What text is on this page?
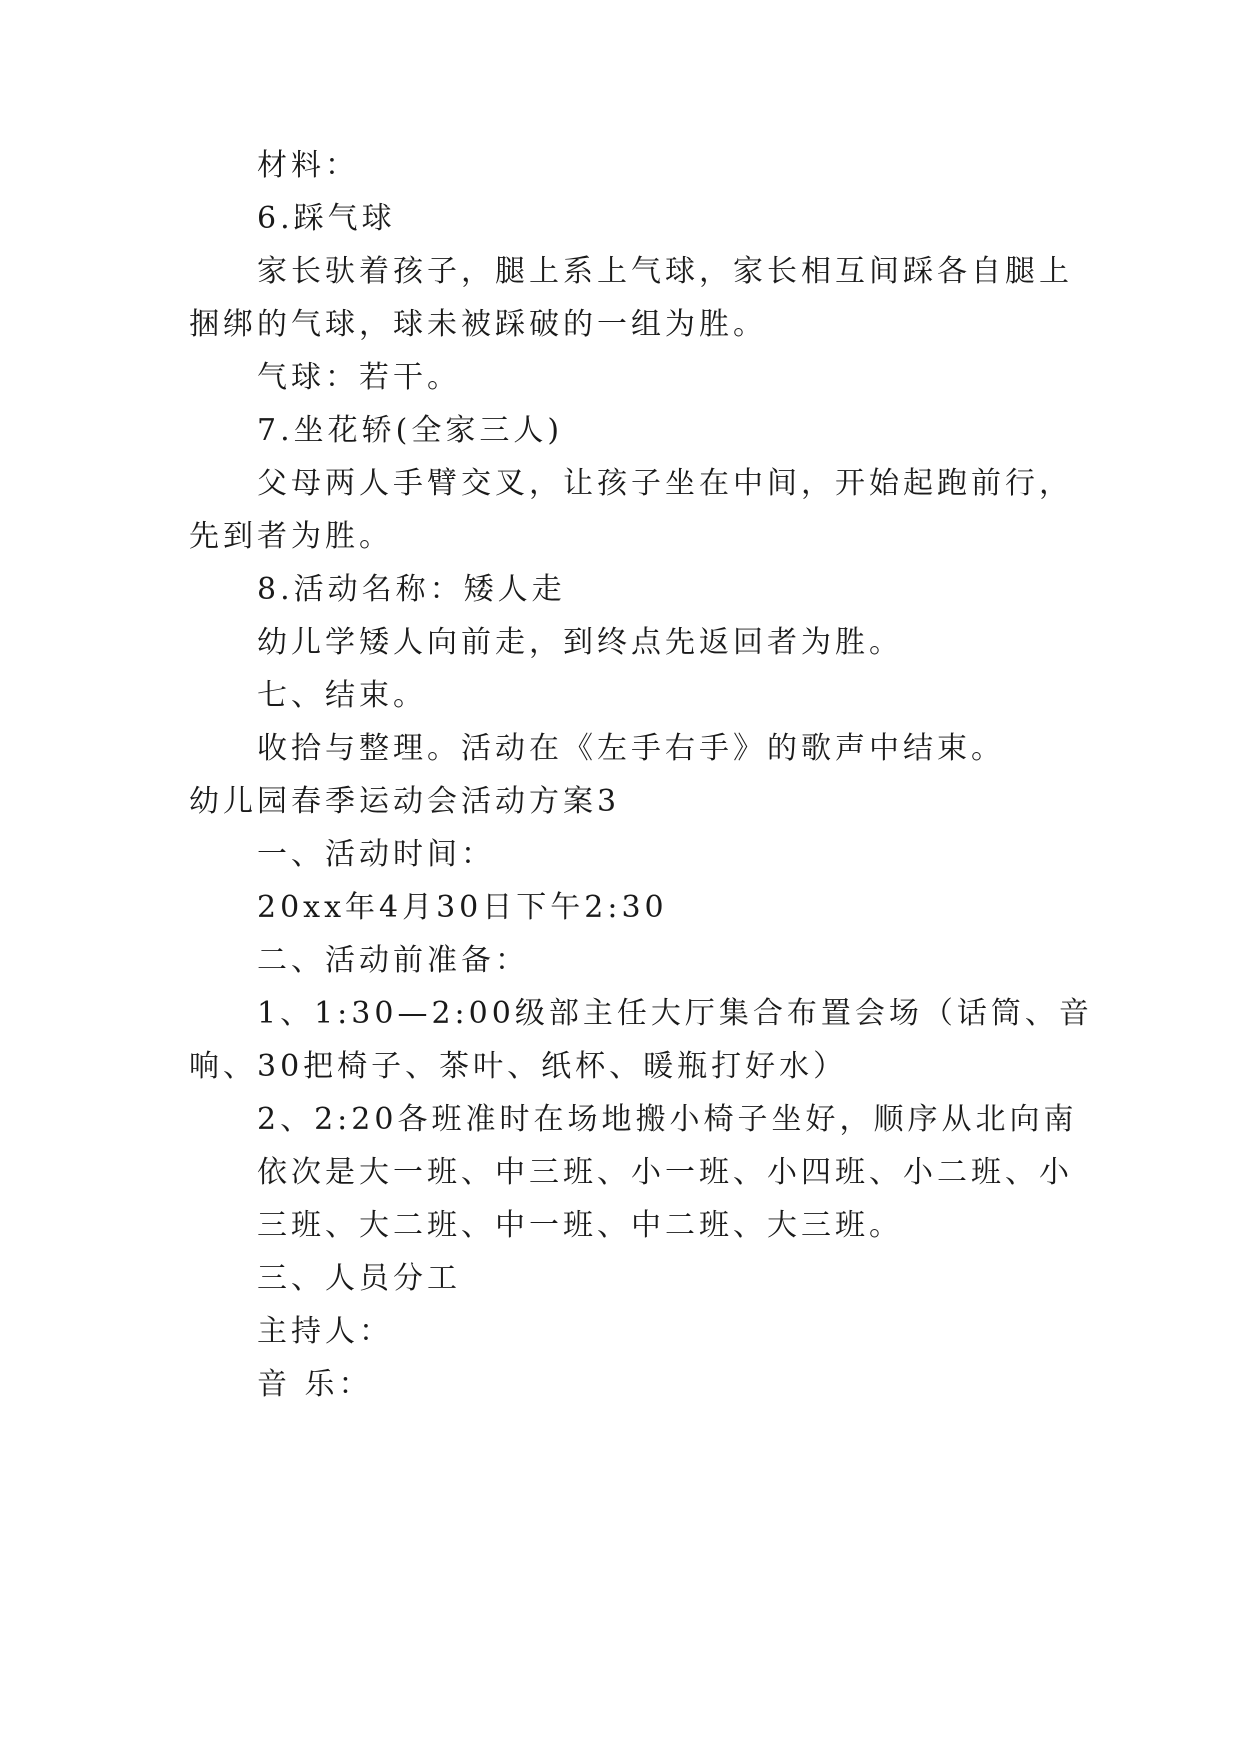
材料：
6.踩气球
家长驮着孩子，腿上系上气球，家长相互间踩各自腿上
捆绑的气球，球未被踩破的一组为胜。
气球：若干。
7.坐花轿(全家三人)
父母两人手臂交叉，让孩子坐在中间，开始起跑前行，
先到者为胜。
8.活动名称：矮人走
幼儿学矮人向前走，到终点先返回者为胜。
七、结束。
收拾与整理。活动在《左手右手》的歌声中结束。
幼儿园春季运动会活动方案3
一、活动时间：
20xx年4月30日下午2:30
二、活动前准备：
1、1:30—2:00级部主任大厅集合布置会场（话筒、音
响、30把椅子、茶叶、纸杯、暖瓶打好水）
2、2:20各班准时在场地搬小椅子坐好，顺序从北向南
依次是大一班、中三班、小一班、小四班、小二班、小
三班、大二班、中一班、中二班、大三班。
三、人员分工
主持人：
音 乐：
